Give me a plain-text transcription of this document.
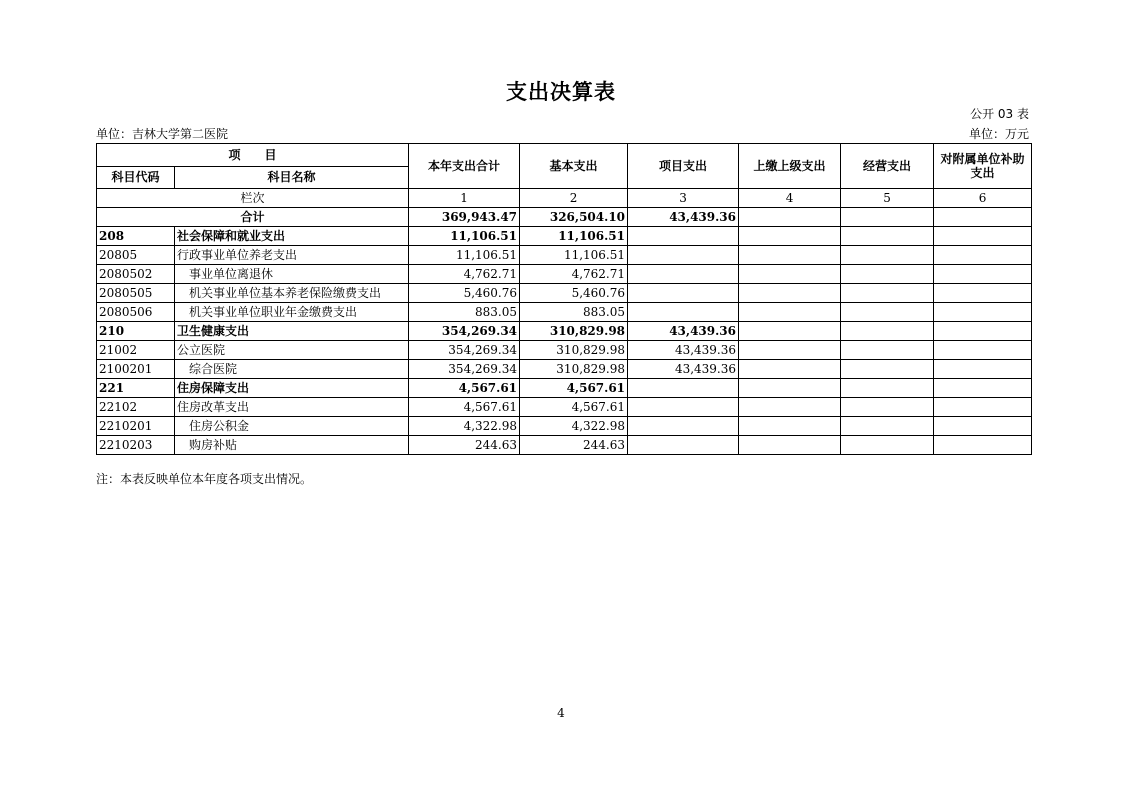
支出决算表
公开 03 表
单位：吉林大学第二医院	单位：万元
项　　目		本年支出合计	基本支出	项目支出	上缴上级支出	经营支出	对附属单位补助支出
科目代码	科目名称						
栏次		1	2	3	4	5	6
合计		369,943.47	326,504.10	43,439.36			
208	社会保障和就业支出	11,106.51	11,106.51				
20805	行政事业单位养老支出	11,106.51	11,106.51				
2080502	事业单位离退休	4,762.71	4,762.71				
2080505	机关事业单位基本养老保险缴费支出	5,460.76	5,460.76				
2080506	机关事业单位职业年金缴费支出	883.05	883.05				
210	卫生健康支出	354,269.34	310,829.98	43,439.36			
21002	公立医院	354,269.34	310,829.98	43,439.36			
2100201	综合医院	354,269.34	310,829.98	43,439.36			
221	住房保障支出	4,567.61	4,567.61				
22102	住房改革支出	4,567.61	4,567.61				
2210201	住房公积金	4,322.98	4,322.98				
2210203	购房补贴	244.63	244.63				
注：本表反映单位本年度各项支出情况。
4
